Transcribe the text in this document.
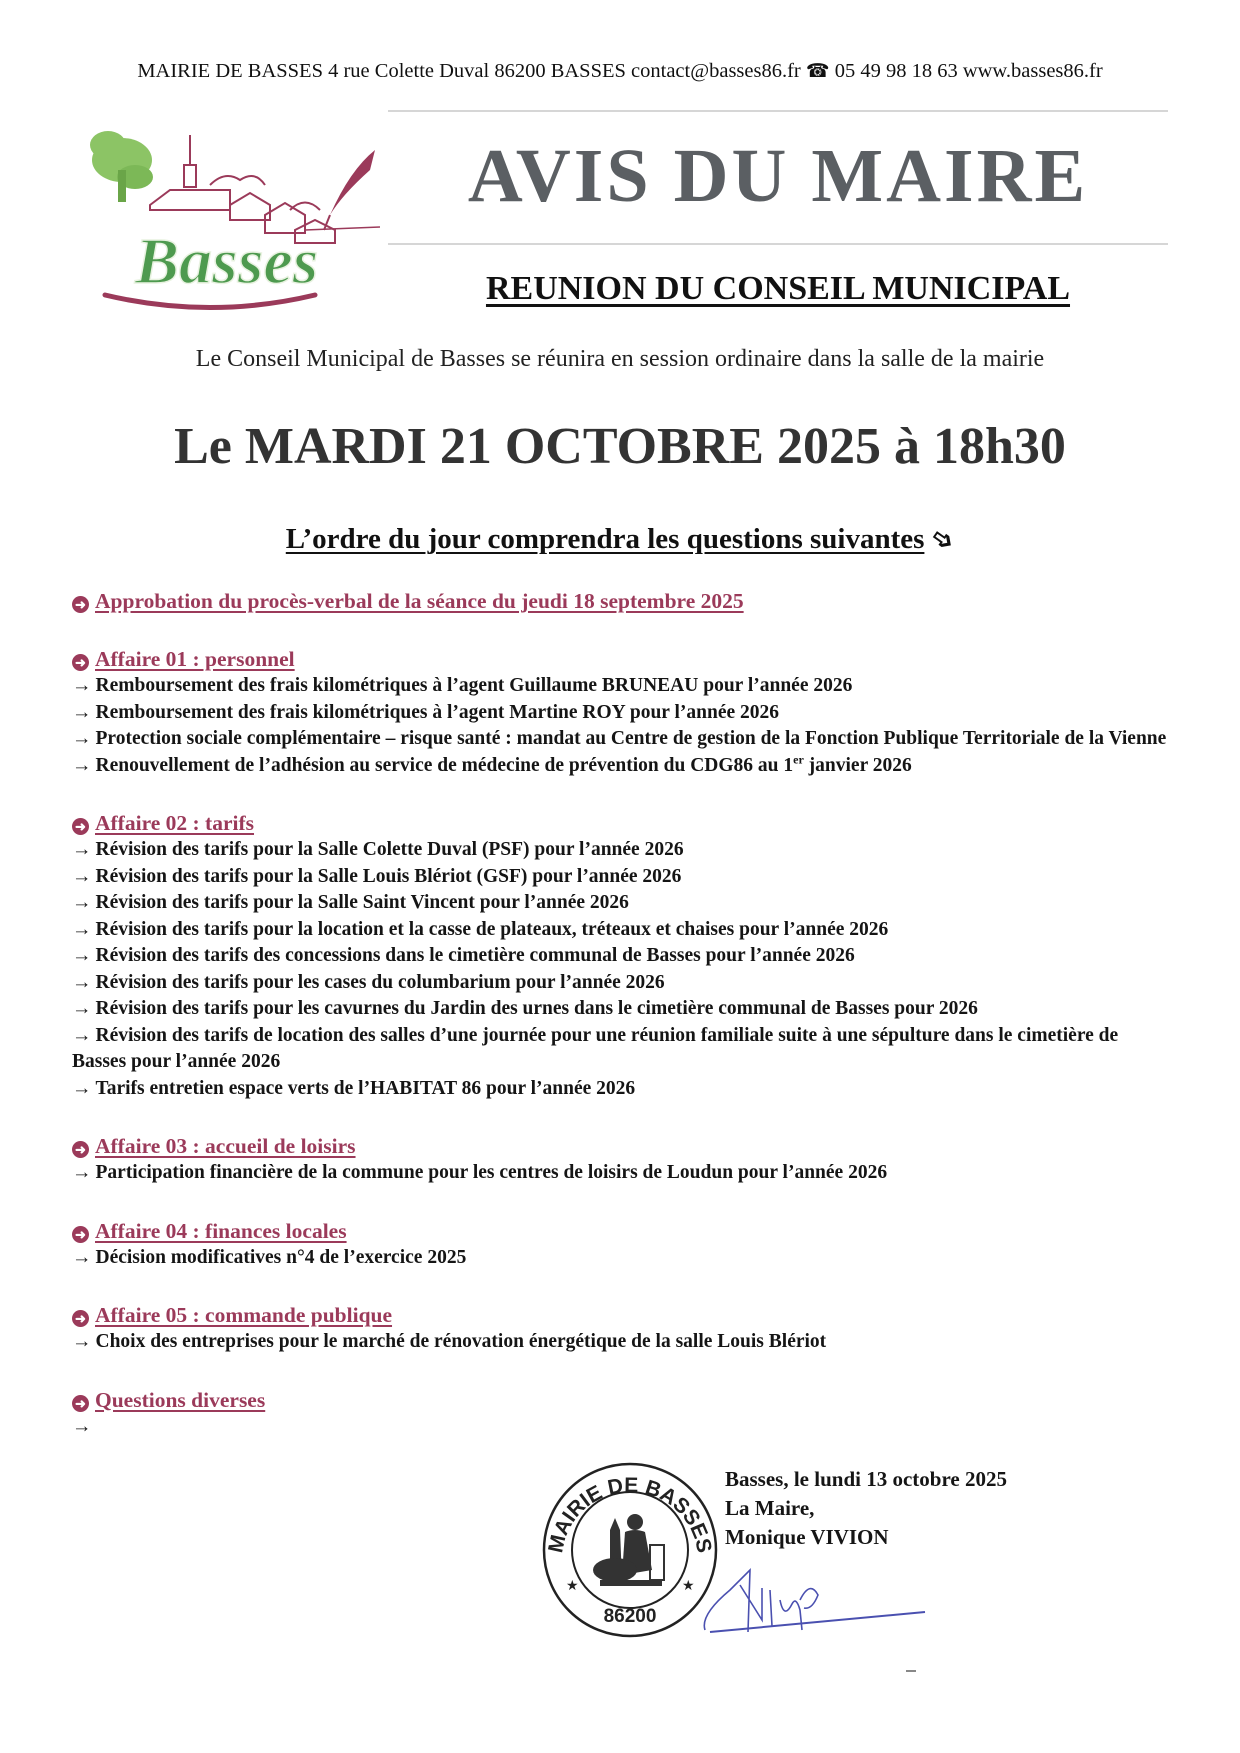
MAIRIE DE BASSES 4 rue Colette Duval 86200 BASSES contact@basses86.fr ☎ 05 49 98 18 63 www.basses86.fr
Basses
AVIS DU MAIRE
REUNION DU CONSEIL MUNICIPAL
Le Conseil Municipal de Basses se réunira en session ordinaire dans la salle de la mairie
Le MARDI 21 OCTOBRE 2025 à 18h30
L’ordre du jour comprendra les questions suivantes➩
➜ Approbation du procès-verbal de la séance du jeudi 18 septembre 2025
➜ Affaire 01 : personnel
→ Remboursement des frais kilométriques à l’agent Guillaume BRUNEAU pour l’année 2026
→ Remboursement des frais kilométriques à l’agent Martine ROY pour l’année 2026
→ Protection sociale complémentaire – risque santé : mandat au Centre de gestion de la Fonction Publique Territoriale de la Vienne
→ Renouvellement de l’adhésion au service de médecine de prévention du CDG86 au 1er janvier 2026
➜ Affaire 02 : tarifs
→ Révision des tarifs pour la Salle Colette Duval (PSF) pour l’année 2026
→ Révision des tarifs pour la Salle Louis Blériot (GSF) pour l’année 2026
→ Révision des tarifs pour la Salle Saint Vincent pour l’année 2026
→ Révision des tarifs pour la location et la casse de plateaux, tréteaux et chaises pour l’année 2026
→ Révision des tarifs des concessions dans le cimetière communal de Basses pour l’année 2026
→ Révision des tarifs pour les cases du columbarium pour l’année 2026
→ Révision des tarifs pour les cavurnes du Jardin des urnes dans le cimetière communal de Basses pour 2026
→ Révision des tarifs de location des salles d’une journée pour une réunion familiale suite à une sépulture dans le cimetière de Basses pour l’année 2026
→ Tarifs entretien espace verts de l’HABITAT 86 pour l’année 2026
➜ Affaire 03 : accueil de loisirs
→ Participation financière de la commune pour les centres de loisirs de Loudun pour l’année 2026
➜ Affaire 04 : finances locales
→ Décision modificatives n°4 de l’exercice 2025
➜ Affaire 05 : commande publique
→ Choix des entreprises pour le marché de rénovation énergétique de la salle Louis Blériot
➜ Questions diverses
→
MAIRIE DE BASSES
86200
★	★
Basses, le lundi 13 octobre 2025
La Maire,
Monique VIVION
